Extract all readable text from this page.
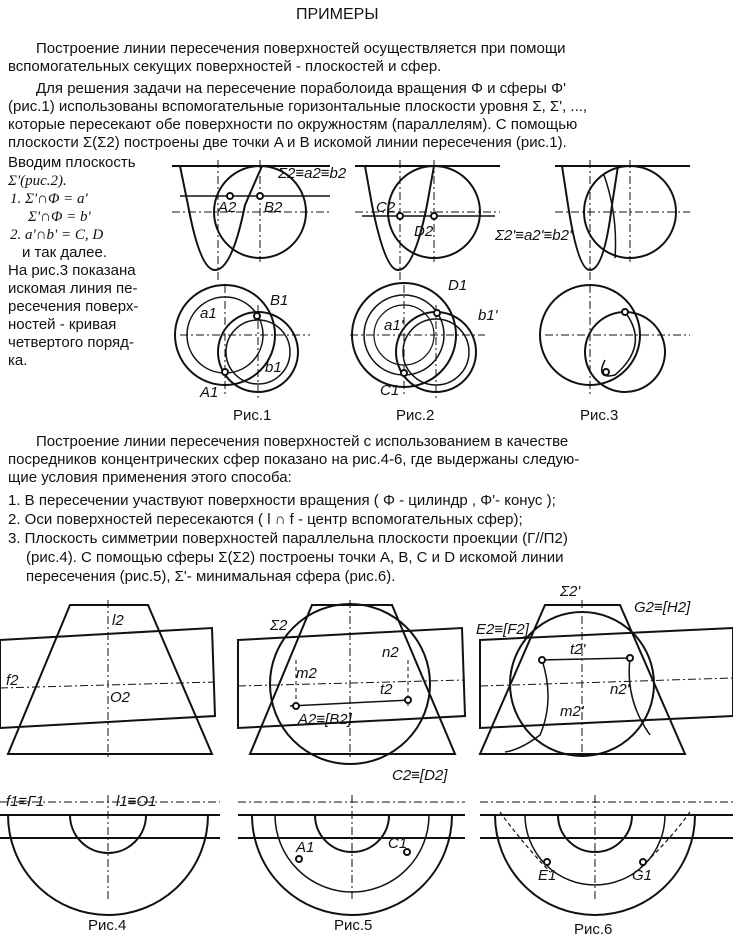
ПРИМЕРЫ
Построение линии пересечения поверхностей осуществляется при помощи
вспомогательных секущих поверхностей - плоскостей и сфер.
Для решения задачи на пересечение пораболоида вращения Φ и сферы Φ'
(рис.1) использованы вспомогательные горизонтальные плоскости уровня Σ, Σ', ...,
которые пересекают обе поверхности по окружностям (параллелям). С помощью
плоскости Σ(Σ2) построены две точки A и B искомой линии пересечения (рис.1).
Вводим плоскость
Σ'(рис.2).
1. Σ'∩Φ = a'
Σ'∩Φ = b'
2. a'∩b' = C, D
и так далее.
На рис.3 показана
искомая линия пе-
ресечения поверх-
ностей - кривая
четвертого поряд-
ка.
Построение линии пересечения поверхностей с использованием в качестве
посредников концентрических сфер показано на рис.4-6, где выдержаны следую-
щие условия применения этого способа:
1. В пересечении участвуют поверхности вращения ( Φ - цилиндр , Φ'- конус );
2. Оси поверхностей пересекаются ( l ∩ f - центр вспомогательных сфер);
3. Плоскость симметрии поверхностей параллельна плоскости проекции (Γ//Π2)
(рис.4). С помощью сферы Σ(Σ2) построены точки A, B, C и D искомой линии
пересечения (рис.5), Σ'- минимальная сфера (рис.6).
Σ2≡a2≡b2
A2 B2
a1
B1
b1
A1
C2
D2	Σ2'≡a2'≡b2'
D1
a1'
b1'
C1
l2
f2
O2
f1≡Γ1	l1≡O1
Σ2
n2
m2
t2
A2≡[B2]
C2≡[D2]
A1	C1
Σ2'
E2≡[F2]
G2≡[H2]
t2'
n2'
m2'
E1	G1
Рис.1	Рис.2	Рис.3
Рис.4	Рис.5	Рис.6
